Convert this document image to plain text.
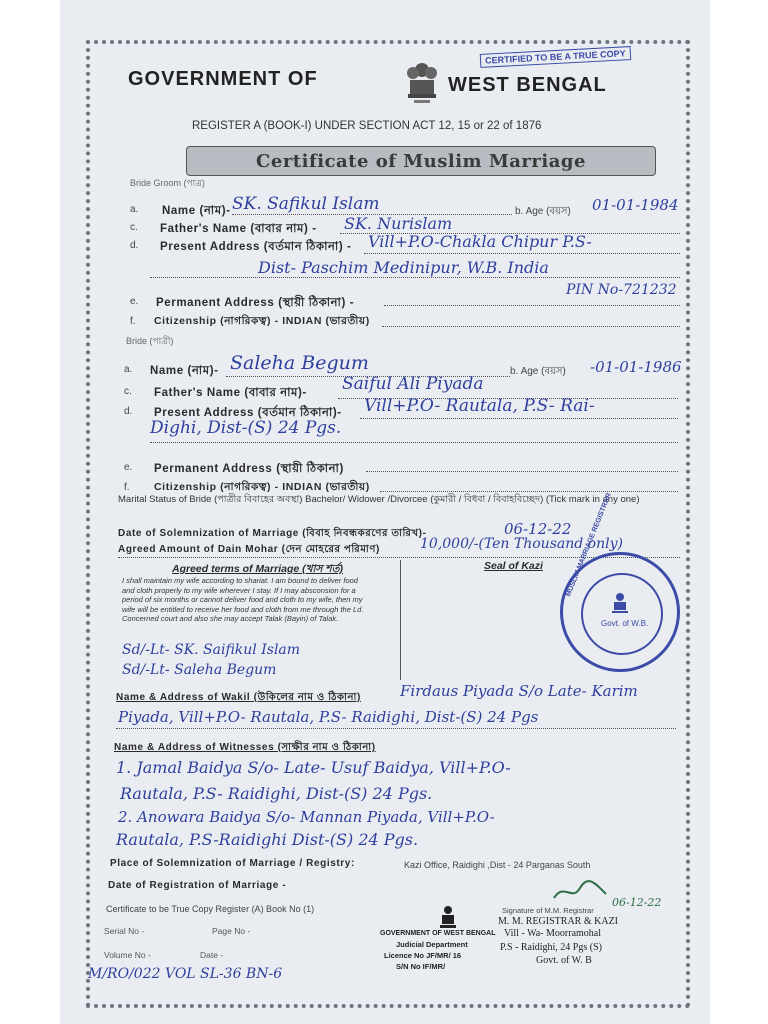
GOVERNMENT OF	WEST BENGAL
CERTIFIED TO BE A TRUE COPY
REGISTER A (BOOK-I) UNDER SECTION ACT 12, 15 or 22 of 1876
Certificate of Muslim Marriage
Bride Groom (পাত্র)
a. Name (নাম)- SK. Safikul Islam	b. Age (বয়স) 01-01-1984
c. Father's Name (বাবার নাম) - SK. Nurislam
d. Present Address (বর্তমান ঠিকানা) - Vill+P.O-Chakla Chipur P.S-
Dist- Paschim Medinipur, W.B. India
PIN No-721232
e. Permanent Address (স্থায়ী ঠিকানা) -
f. Citizenship (নাগরিকত্ব) - INDIAN (ভারতীয়)
Bride (পাত্রী)
a. Name (নাম)- Saleha Begum	b. Age (বয়স) -01-01-1986
c. Father's Name (বাবার নাম)- Saiful Ali Piyada
d. Present Address (বর্তমান ঠিকানা)- Vill+P.O- Rautala, P.S- Rai-
Dighi, Dist-(S) 24 Pgs.
e. Permanent Address (স্থায়ী ঠিকানা)
f. Citizenship (নাগরিকত্ব) - INDIAN (ভারতীয়)
Marital Status of Bride (পাত্রীর বিবাহের অবস্থা) Bachelor/ Widower /Divorcee (কুমারী / বিধবা / বিবাহবিচ্ছেদ) (Tick mark in any one)
Date of Solemnization of Marriage (বিবাহ নিবন্ধকরণের তারিখ)-	06-12-22
Agreed Amount of Dain Mohar (দেন মোহরের পরিমাণ)	10,000/-(Ten Thousand only)
Agreed terms of Marriage (খাস শর্ত)
I shall maintain my wife according to shariat. I am bound to deliver food and cloth properly to my wife wherever I stay. If I may absconsion for a period of six months or cannot deliver food and cloth to my wife, then my wife will be entitled to receive her food and cloth from me through the Ld. Concerned court and also she may accept Talak (Bayin) of Talak.
Sd/-Lt- SK. Saifikul Islam
Sd/-Lt- Saleha Begum
Seal of Kazi	MUSLIM MARRIAGE REGISTRAR
Govt. of W.B.
Name & Address of Wakil (উকিলের নাম ও ঠিকানা)	Firdaus Piyada S/o Late- Karim
Piyada, Vill+P.O- Rautala, P.S- Raidighi, Dist-(S) 24 Pgs
Name & Address of Witnesses (সাক্ষীর নাম ও ঠিকানা)
1. Jamal Baidya S/o- Late- Usuf Baidya, Vill+P.O-
Rautala, P.S- Raidighi, Dist-(S) 24 Pgs.
2. Anowara Baidya S/o- Mannan Piyada, Vill+P.O-
Rautala, P.S-Raidighi Dist-(S) 24 Pgs.
Place of Solemnization of Marriage / Registry:	Kazi Office, Raidighi ,Dist - 24 Parganas South
Date of Registration of Marriage -
Certificate to be True Copy Register (A) Book No (1)
Serial No -	Page No -
Volume No -	Date -
GOVERNMENT OF WEST BENGAL
Judicial Department
Licence No JF/MR/ 16
S/N No IF/MR/
06-12-22
Signature of M.M. Registrar
M. M. REGISTRAR & KAZI
Vill - Wa- Moorramohal
P.S - Raidighi, 24 Pgs (S)
Govt. of W. B
M/RO/022 VOL SL-36 BN-6
